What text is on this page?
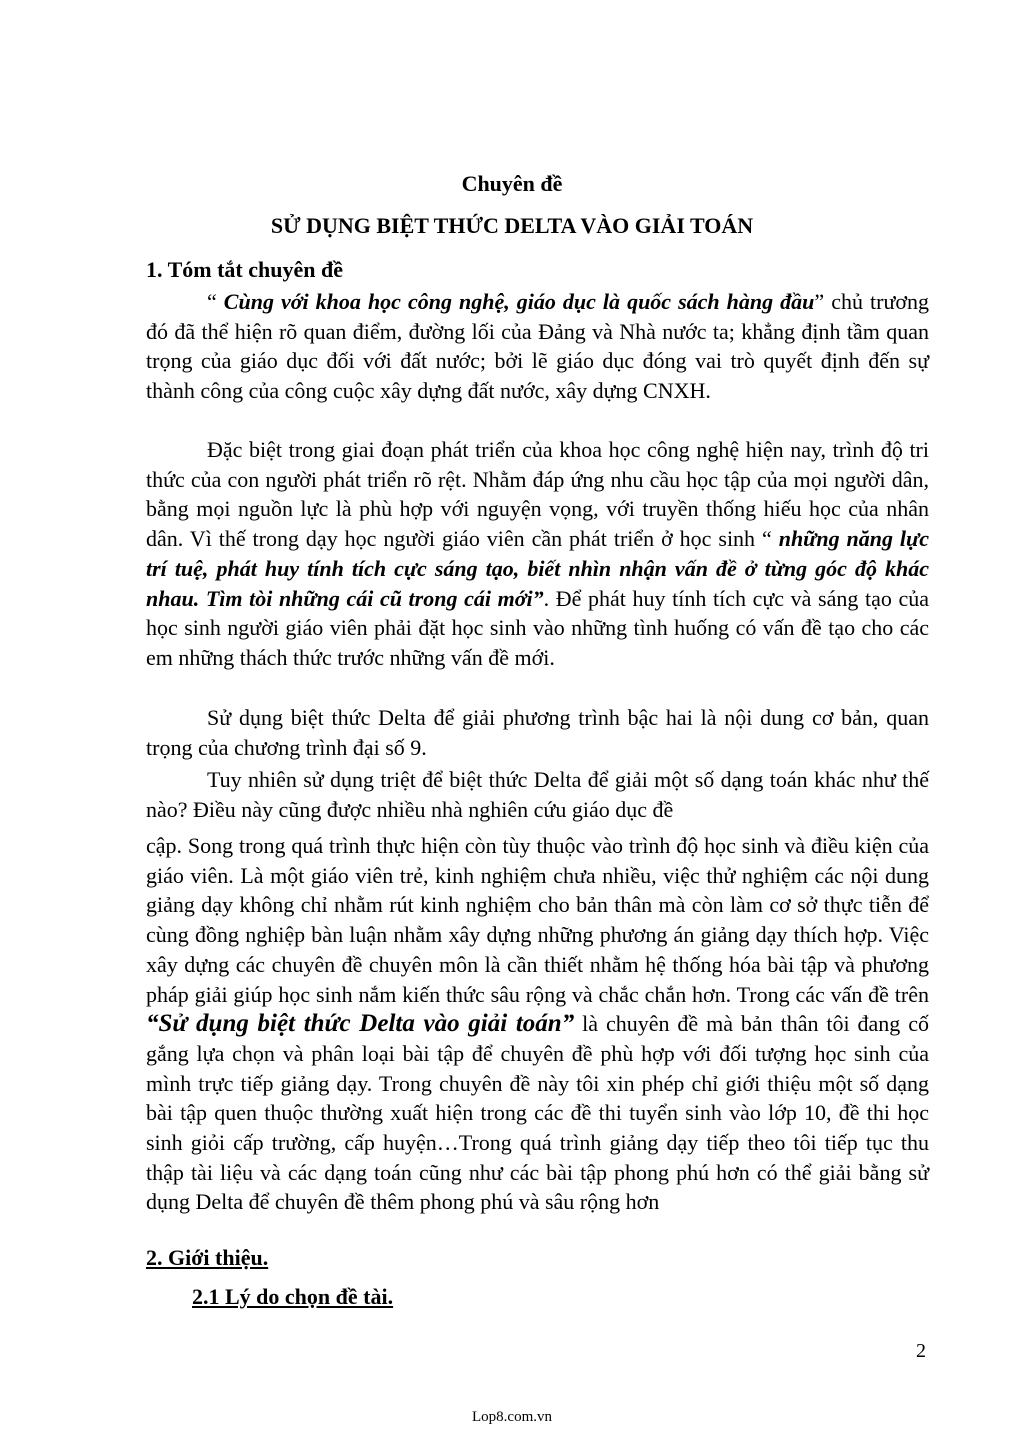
Chuyên đề
SỬ DỤNG BIỆT THỨC DELTA VÀO GIẢI TOÁN
1. Tóm tắt chuyên đề

“ Cùng với khoa học công nghệ, giáo dục là quốc sách hàng đầu” chủ trương đó đã thể hiện rõ quan điểm, đường lối của Đảng và Nhà nước ta; khẳng định tầm quan trọng của giáo dục đối với đất nước; bởi lẽ giáo dục đóng vai trò quyết định đến sự thành công của công cuộc xây dựng đất nước, xây dựng CNXH.

Đặc biệt trong giai đoạn phát triển của khoa học công nghệ hiện nay, trình độ tri thức của con người phát triển rõ rệt. Nhằm đáp ứng nhu cầu học tập của mọi người dân, bằng mọi nguồn lực là phù hợp với nguyện vọng, với truyền thống hiếu học của nhân dân. Vì thế trong dạy học người giáo viên cần phát triển ở học sinh “ những năng lực trí tuệ, phát huy tính tích cực sáng tạo, biết nhìn nhận vấn đề ở từng góc độ khác nhau. Tìm tòi những cái cũ trong cái mới”. Để phát huy tính tích cực và sáng tạo của học sinh người giáo viên phải đặt học sinh vào những tình huống có vấn đề tạo cho các em những thách thức trước những vấn đề mới.

Sử dụng biệt thức Delta để giải phương trình bậc hai là nội dung cơ bản, quan trọng của chương trình đại số 9.

Tuy nhiên sử dụng triệt để biệt thức Delta để giải một số dạng toán khác như thế nào? Điều này cũng được nhiều nhà nghiên cứu giáo dục đề

cập. Song trong quá trình thực hiện còn tùy thuộc vào trình độ học sinh và điều kiện của giáo viên. Là một giáo viên trẻ, kinh nghiệm chưa nhiều, việc thử nghiệm các nội dung giảng dạy không chỉ nhằm rút kinh nghiệm cho bản thân mà còn làm cơ sở thực tiễn để cùng đồng nghiệp bàn luận nhằm xây dựng những phương án giảng dạy thích hợp. Việc xây dựng các chuyên đề chuyên môn là cần thiết nhằm hệ thống hóa bài tập và phương pháp giải giúp học sinh nắm kiến thức sâu rộng và chắc chắn hơn. Trong các vấn đề trên “Sử dụng biệt thức Delta vào giải toán” là chuyên đề mà bản thân tôi đang cố gắng lựa chọn và phân loại bài tập để chuyên đề phù hợp với đối tượng học sinh của mình trực tiếp giảng dạy. Trong chuyên đề này tôi xin phép chỉ giới thiệu một số dạng bài tập quen thuộc thường xuất hiện trong các đề thi tuyển sinh vào lớp 10, đề thi học sinh giỏi cấp trường, cấp huyện…Trong quá trình giảng dạy tiếp theo tôi tiếp tục thu thập tài liệu và các dạng toán cũng như các bài tập phong phú hơn có thể giải bằng sử dụng Delta để chuyên đề thêm phong phú và sâu rộng hơn

2. Giới thiệu.
2.1 Lý do chọn đề tài.
2
Lop8.com.vn
